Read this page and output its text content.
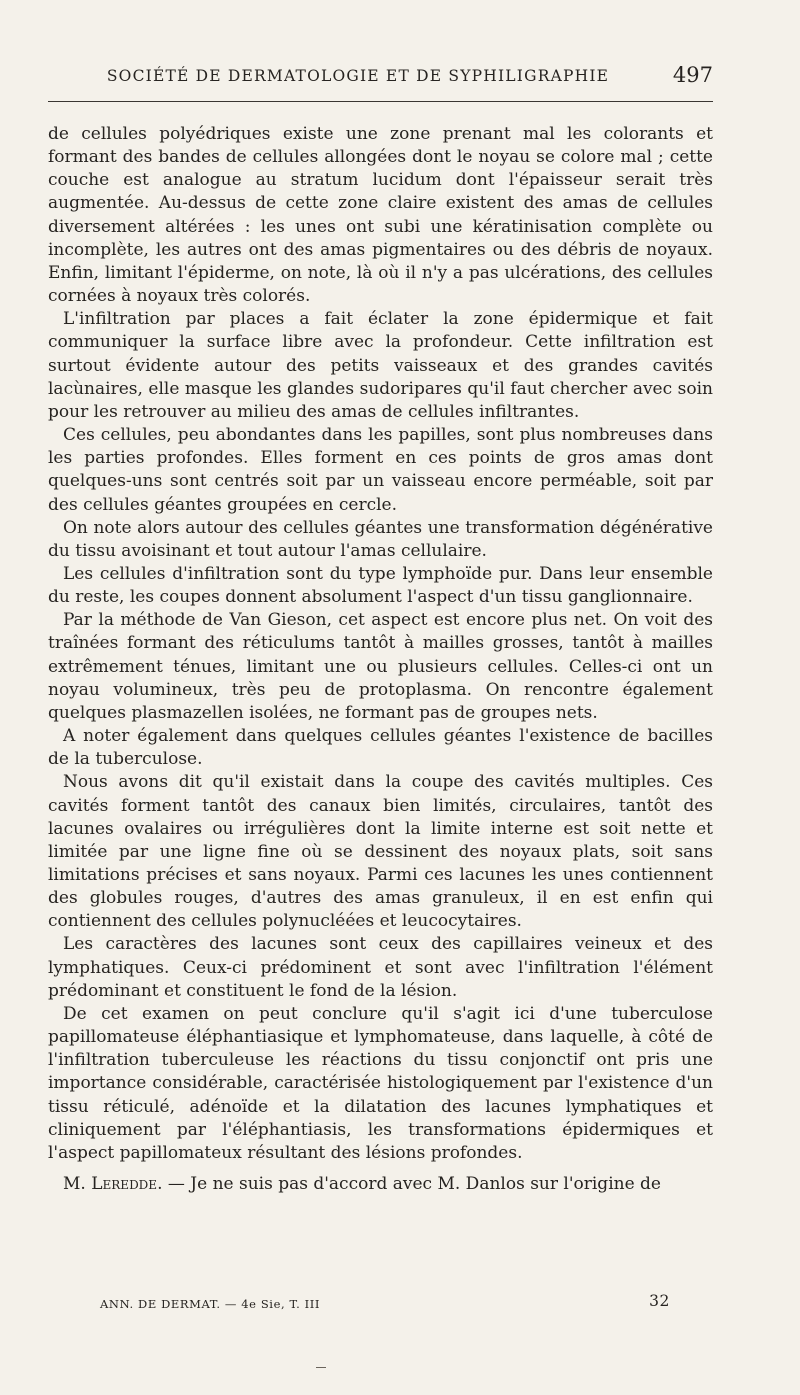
SOCIÉTÉ DE DERMATOLOGIE ET DE SYPHILIGRAPHIE	497

de cellules polyédriques existe une zone prenant mal les colorants et formant des bandes de cellules allongées dont le noyau se colore mal ; cette couche est analogue au stratum lucidum dont l'épaisseur serait très augmentée. Au-dessus de cette zone claire existent des amas de cellules diversement altérées : les unes ont subi une kératinisation complète ou incomplète, les autres ont des amas pigmentaires ou des débris de noyaux. Enfin, limitant l'épiderme, on note, là où il n'y a pas ulcérations, des cellules cornées à noyaux très colorés.

L'infiltration par places a fait éclater la zone épidermique et fait communiquer la surface libre avec la profondeur. Cette infiltration est surtout évidente autour des petits vaisseaux et des grandes cavités lacùnaires, elle masque les glandes sudoripares qu'il faut chercher avec soin pour les retrouver au milieu des amas de cellules infiltrantes.

Ces cellules, peu abondantes dans les papilles, sont plus nombreuses dans les parties profondes. Elles forment en ces points de gros amas dont quelques-uns sont centrés soit par un vaisseau encore perméable, soit par des cellules géantes groupées en cercle.

On note alors autour des cellules géantes une transformation dégénérative du tissu avoisinant et tout autour l'amas cellulaire.

Les cellules d'infiltration sont du type lymphoïde pur. Dans leur ensemble du reste, les coupes donnent absolument l'aspect d'un tissu ganglionnaire.

Par la méthode de Van Gieson, cet aspect est encore plus net. On voit des traînées formant des réticulums tantôt à mailles grosses, tantôt à mailles extrêmement ténues, limitant une ou plusieurs cellules. Celles-ci ont un noyau volumineux, très peu de protoplasma. On rencontre également quelques plasmazellen isolées, ne formant pas de groupes nets.

A noter également dans quelques cellules géantes l'existence de bacilles de la tuberculose.

Nous avons dit qu'il existait dans la coupe des cavités multiples. Ces cavités forment tantôt des canaux bien limités, circulaires, tantôt des lacunes ovalaires ou irrégulières dont la limite interne est soit nette et limitée par une ligne fine où se dessinent des noyaux plats, soit sans limitations précises et sans noyaux. Parmi ces lacunes les unes contiennent des globules rouges, d'autres des amas granuleux, il en est enfin qui contiennent des cellules polynucléées et leucocytaires.

Les caractères des lacunes sont ceux des capillaires veineux et des lymphatiques. Ceux-ci prédominent et sont avec l'infiltration l'élément prédominant et constituent le fond de la lésion.

De cet examen on peut conclure qu'il s'agit ici d'une tuberculose papillomateuse éléphantiasique et lymphomateuse, dans laquelle, à côté de l'infiltration tuberculeuse les réactions du tissu conjonctif ont pris une importance considérable, caractérisée histologiquement par l'existence d'un tissu réticulé, adénoïde et la dilatation des lacunes lymphatiques et cliniquement par l'éléphantiasis, les transformations épidermiques et l'aspect papillomateux résultant des lésions profondes.

M. Leredde. — Je ne suis pas d'accord avec M. Danlos sur l'origine de

ANN. DE DERMAT. — 4e Sie, T. III	32
